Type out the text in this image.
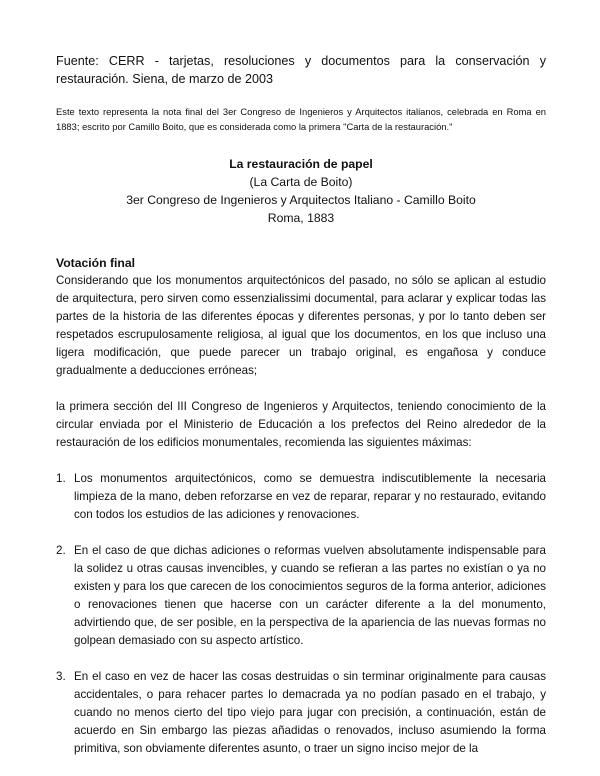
Fuente: CERR - tarjetas, resoluciones y documentos para la conservación y restauración. Siena, de marzo de 2003

Este texto representa la nota final del 3er Congreso de Ingenieros y Arquitectos italianos, celebrada en Roma en 1883; escrito por Camillo Boito, que es considerada como la primera "Carta de la restauración."

La restauración de papel
(La Carta de Boito)
3er Congreso de Ingenieros y Arquitectos Italiano - Camillo Boito
Roma, 1883
Votación final

Considerando que los monumentos arquitectónicos del pasado, no sólo se aplican al estudio de arquitectura, pero sirven como essenzialissimi documental, para aclarar y explicar todas las partes de la historia de las diferentes épocas y diferentes personas, y por lo tanto deben ser respetados escrupulosamente religiosa, al igual que los documentos, en los que incluso una ligera modificación, que puede parecer un trabajo original, es engañosa y conduce gradualmente a deducciones erróneas;

la primera sección del III Congreso de Ingenieros y Arquitectos, teniendo conocimiento de la circular enviada por el Ministerio de Educación a los prefectos del Reino alrededor de la restauración de los edificios monumentales, recomienda las siguientes máximas:

1. Los monumentos arquitectónicos, como se demuestra indiscutiblemente la necesaria limpieza de la mano, deben reforzarse en vez de reparar, reparar y no restaurado, evitando con todos los estudios de las adiciones y renovaciones.
2. En el caso de que dichas adiciones o reformas vuelven absolutamente indispensable para la solidez u otras causas invencibles, y cuando se refieran a las partes no existían o ya no existen y para los que carecen de los conocimientos seguros de la forma anterior, adiciones o renovaciones tienen que hacerse con un carácter diferente a la del monumento, advirtiendo que, de ser posible, en la perspectiva de la apariencia de las nuevas formas no golpean demasiado con su aspecto artístico.
3. En el caso en vez de hacer las cosas destruidas o sin terminar originalmente para causas accidentales, o para rehacer partes lo demacrada ya no podían pasado en el trabajo, y cuando no menos cierto del tipo viejo para jugar con precisión, a continuación, están de acuerdo en Sin embargo las piezas añadidas o renovados, incluso asumiendo la forma primitiva, son obviamente diferentes asunto, o traer un signo inciso mejor de la
